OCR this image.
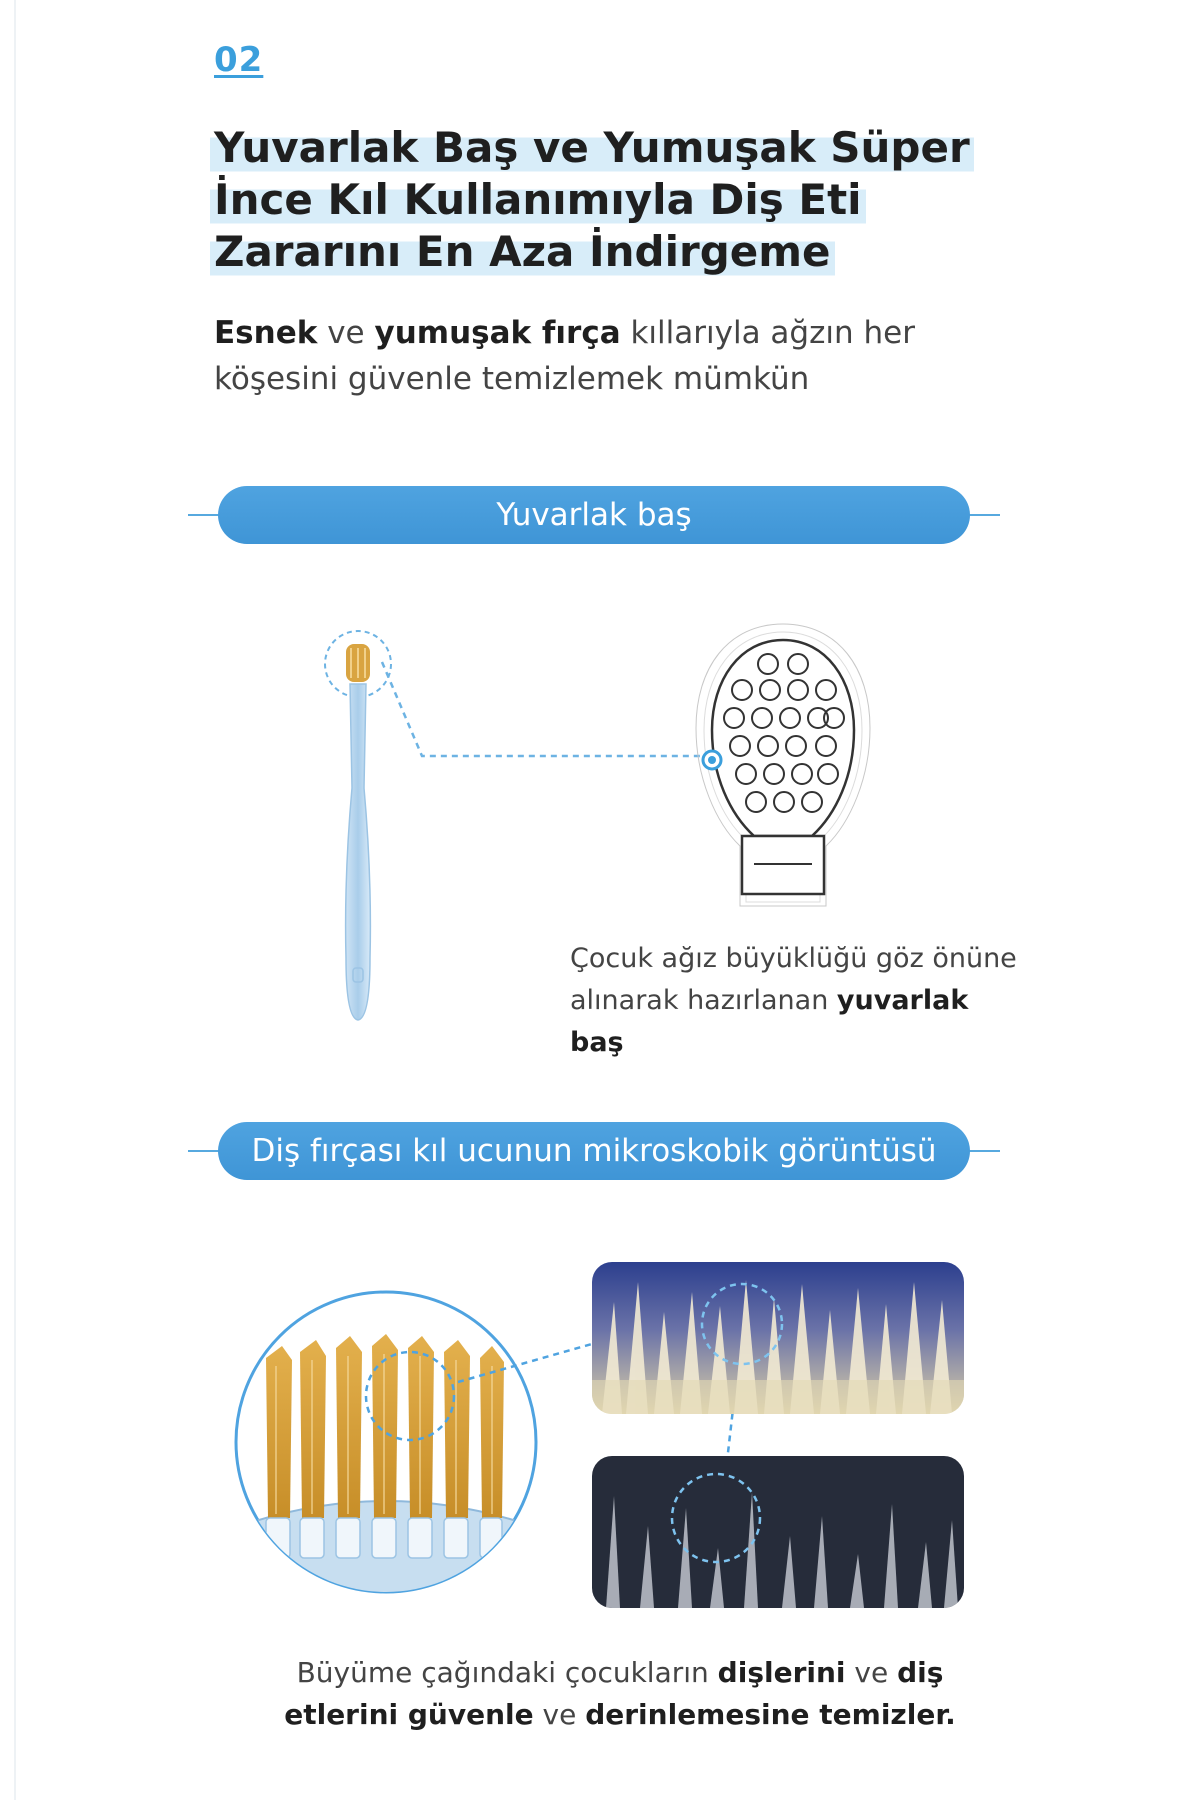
02
Yuvarlak Baş ve Yumuşak Süper
İnce Kıl Kullanımıyla Diş Eti
Zararını En Aza İndirgeme

Esnek ve yumuşak fırça kıllarıyla ağzın her köşesini güvenle temizlemek mümkün

Yuvarlak baş

Çocuk ağız büyüklüğü göz önüne alınarak hazırlanan yuvarlak baş

Diş fırçası kıl ucunun mikroskobik görüntüsü

Büyüme çağındaki çocukların dişlerini ve diş etlerini güvenle ve derinlemesine temizler.
